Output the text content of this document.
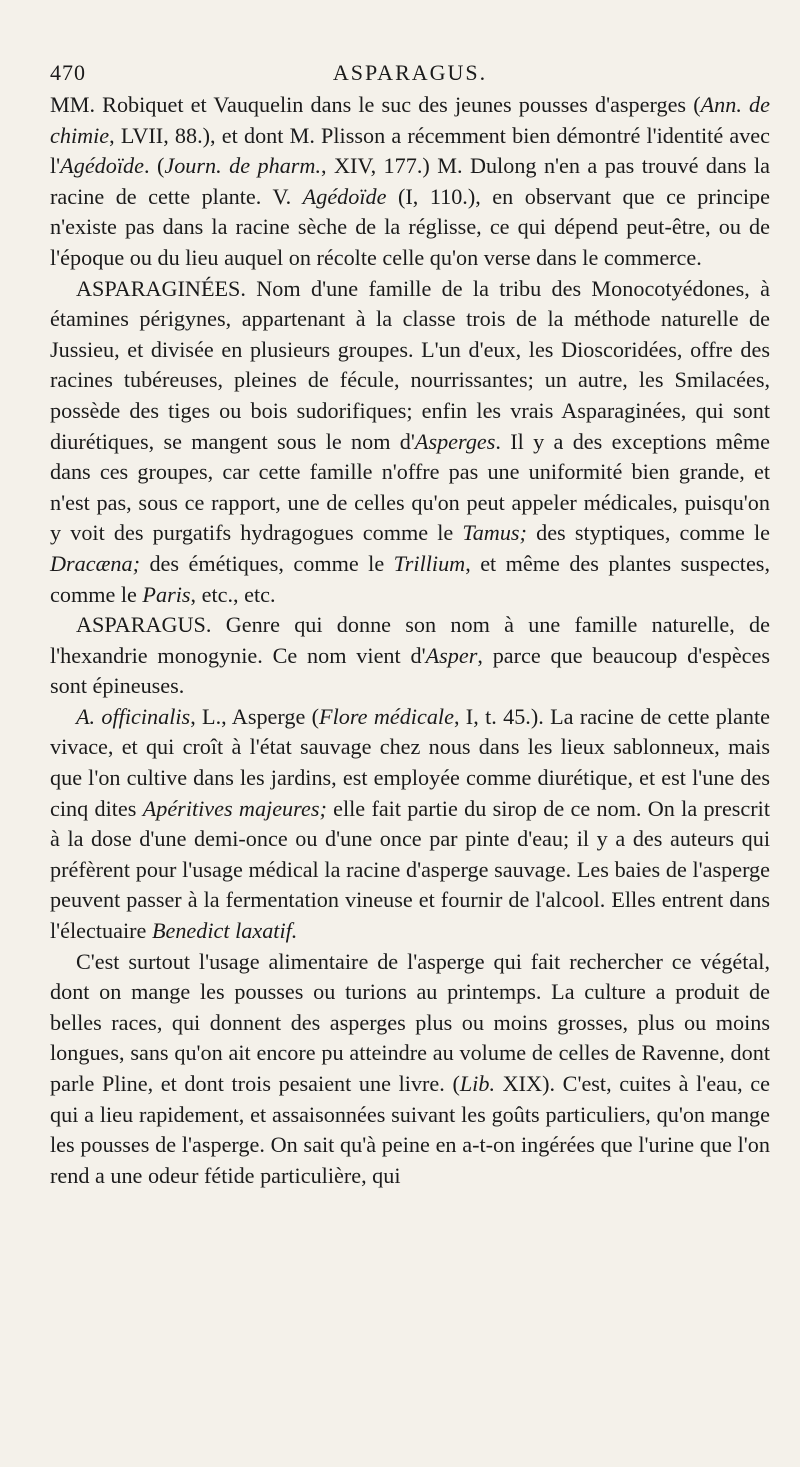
470	ASPARAGUS.

MM. Robiquet et Vauquelin dans le suc des jeunes pousses d'asperges (Ann. de chimie, LVII, 88.), et dont M. Plisson a récemment bien démontré l'identité avec l'Agédoïde. (Journ. de pharm., XIV, 177.) M. Dulong n'en a pas trouvé dans la racine de cette plante. V. Agédoïde (I, 110.), en observant que ce principe n'existe pas dans la racine sèche de la réglisse, ce qui dépend peut-être, ou de l'époque ou du lieu auquel on récolte celle qu'on verse dans le commerce.

ASPARAGINÉES. Nom d'une famille de la tribu des Monocotyédones, à étamines périgynes, appartenant à la classe trois de la méthode naturelle de Jussieu, et divisée en plusieurs groupes. L'un d'eux, les Dioscoridées, offre des racines tubéreuses, pleines de fécule, nourrissantes; un autre, les Smilacées, possède des tiges ou bois sudorifiques; enfin les vrais Asparaginées, qui sont diurétiques, se mangent sous le nom d'Asperges. Il y a des exceptions même dans ces groupes, car cette famille n'offre pas une uniformité bien grande, et n'est pas, sous ce rapport, une de celles qu'on peut appeler médicales, puisqu'on y voit des purgatifs hydragogues comme le Tamus; des styptiques, comme le Dracæna; des émétiques, comme le Trillium, et même des plantes suspectes, comme le Paris, etc., etc.

ASPARAGUS. Genre qui donne son nom à une famille naturelle, de l'hexandrie monogynie. Ce nom vient d'Asper, parce que beaucoup d'espèces sont épineuses.

A. officinalis, L., Asperge (Flore médicale, I, t. 45.). La racine de cette plante vivace, et qui croît à l'état sauvage chez nous dans les lieux sablonneux, mais que l'on cultive dans les jardins, est employée comme diurétique, et est l'une des cinq dites Apéritives majeures; elle fait partie du sirop de ce nom. On la prescrit à la dose d'une demi-once ou d'une once par pinte d'eau; il y a des auteurs qui préfèrent pour l'usage médical la racine d'asperge sauvage. Les baies de l'asperge peuvent passer à la fermentation vineuse et fournir de l'alcool. Elles entrent dans l'électuaire Benedict laxatif.

C'est surtout l'usage alimentaire de l'asperge qui fait rechercher ce végétal, dont on mange les pousses ou turions au printemps. La culture a produit de belles races, qui donnent des asperges plus ou moins grosses, plus ou moins longues, sans qu'on ait encore pu atteindre au volume de celles de Ravenne, dont parle Pline, et dont trois pesaient une livre. (Lib. XIX). C'est, cuites à l'eau, ce qui a lieu rapidement, et assaisonnées suivant les goûts particuliers, qu'on mange les pousses de l'asperge. On sait qu'à peine en a-t-on ingérées que l'urine que l'on rend a une odeur fétide particulière, qui
